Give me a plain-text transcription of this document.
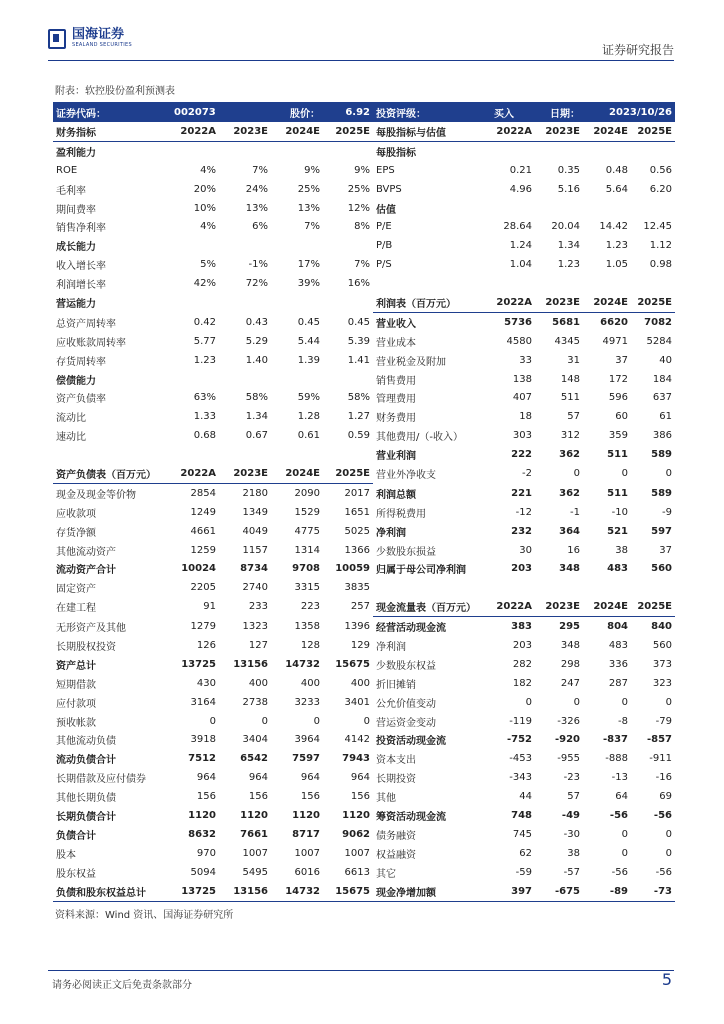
国海证券
SEALAND SECURITIES	证券研究报告
附表：软控股份盈利预测表
证券代码：	002073		股价：	6.92	投资评级：	买入	日期：	2023/10/26	
财务指标	2022A	2023E	2024E	2025E	每股指标与估值	2022A	2023E	2024E	2025E
盈利能力					每股指标				
ROE	4%	7%	9%	9%	EPS	0.21	0.35	0.48	0.56
毛利率	20%	24%	25%	25%	BVPS	4.96	5.16	5.64	6.20
期间费率	10%	13%	13%	12%	估值				
销售净利率	4%	6%	7%	8%	P/E	28.64	20.04	14.42	12.45
成长能力					P/B	1.24	1.34	1.23	1.12
收入增长率	5%	-1%	17%	7%	P/S	1.04	1.23	1.05	0.98
利润增长率	42%	72%	39%	16%					
营运能力					利润表（百万元）	2022A	2023E	2024E	2025E
总资产周转率	0.42	0.43	0.45	0.45	营业收入	5736	5681	6620	7082
应收账款周转率	5.77	5.29	5.44	5.39	营业成本	4580	4345	4971	5284
存货周转率	1.23	1.40	1.39	1.41	营业税金及附加	33	31	37	40
偿债能力					销售费用	138	148	172	184
资产负债率	63%	58%	59%	58%	管理费用	407	511	596	637
流动比	1.33	1.34	1.28	1.27	财务费用	18	57	60	61
速动比	0.68	0.67	0.61	0.59	其他费用/（-收入）	303	312	359	386
					营业利润	222	362	511	589
资产负债表（百万元）	2022A	2023E	2024E	2025E	营业外净收支	-2	0	0	0
现金及现金等价物	2854	2180	2090	2017	利润总额	221	362	511	589
应收款项	1249	1349	1529	1651	所得税费用	-12	-1	-10	-9
存货净额	4661	4049	4775	5025	净利润	232	364	521	597
其他流动资产	1259	1157	1314	1366	少数股东损益	30	16	38	37
流动资产合计	10024	8734	9708	10059	归属于母公司净利润	203	348	483	560
固定资产	2205	2740	3315	3835					
在建工程	91	233	223	257	现金流量表（百万元）	2022A	2023E	2024E	2025E
无形资产及其他	1279	1323	1358	1396	经营活动现金流	383	295	804	840
长期股权投资	126	127	128	129	净利润	203	348	483	560
资产总计	13725	13156	14732	15675	少数股东权益	282	298	336	373
短期借款	430	400	400	400	折旧摊销	182	247	287	323
应付款项	3164	2738	3233	3401	公允价值变动	0	0	0	0
预收帐款	0	0	0	0	营运资金变动	-119	-326	-8	-79
其他流动负债	3918	3404	3964	4142	投资活动现金流	-752	-920	-837	-857
流动负债合计	7512	6542	7597	7943	资本支出	-453	-955	-888	-911
长期借款及应付债券	964	964	964	964	长期投资	-343	-23	-13	-16
其他长期负债	156	156	156	156	其他	44	57	64	69
长期负债合计	1120	1120	1120	1120	筹资活动现金流	748	-49	-56	-56
负债合计	8632	7661	8717	9062	债务融资	745	-30	0	0
股本	970	1007	1007	1007	权益融资	62	38	0	0
股东权益	5094	5495	6016	6613	其它	-59	-57	-56	-56
负债和股东权益总计	13725	13156	14732	15675	现金净增加额	397	-675	-89	-73
资料来源：Wind 资讯、国海证券研究所
请务必阅读正文后免责条款部分	5
